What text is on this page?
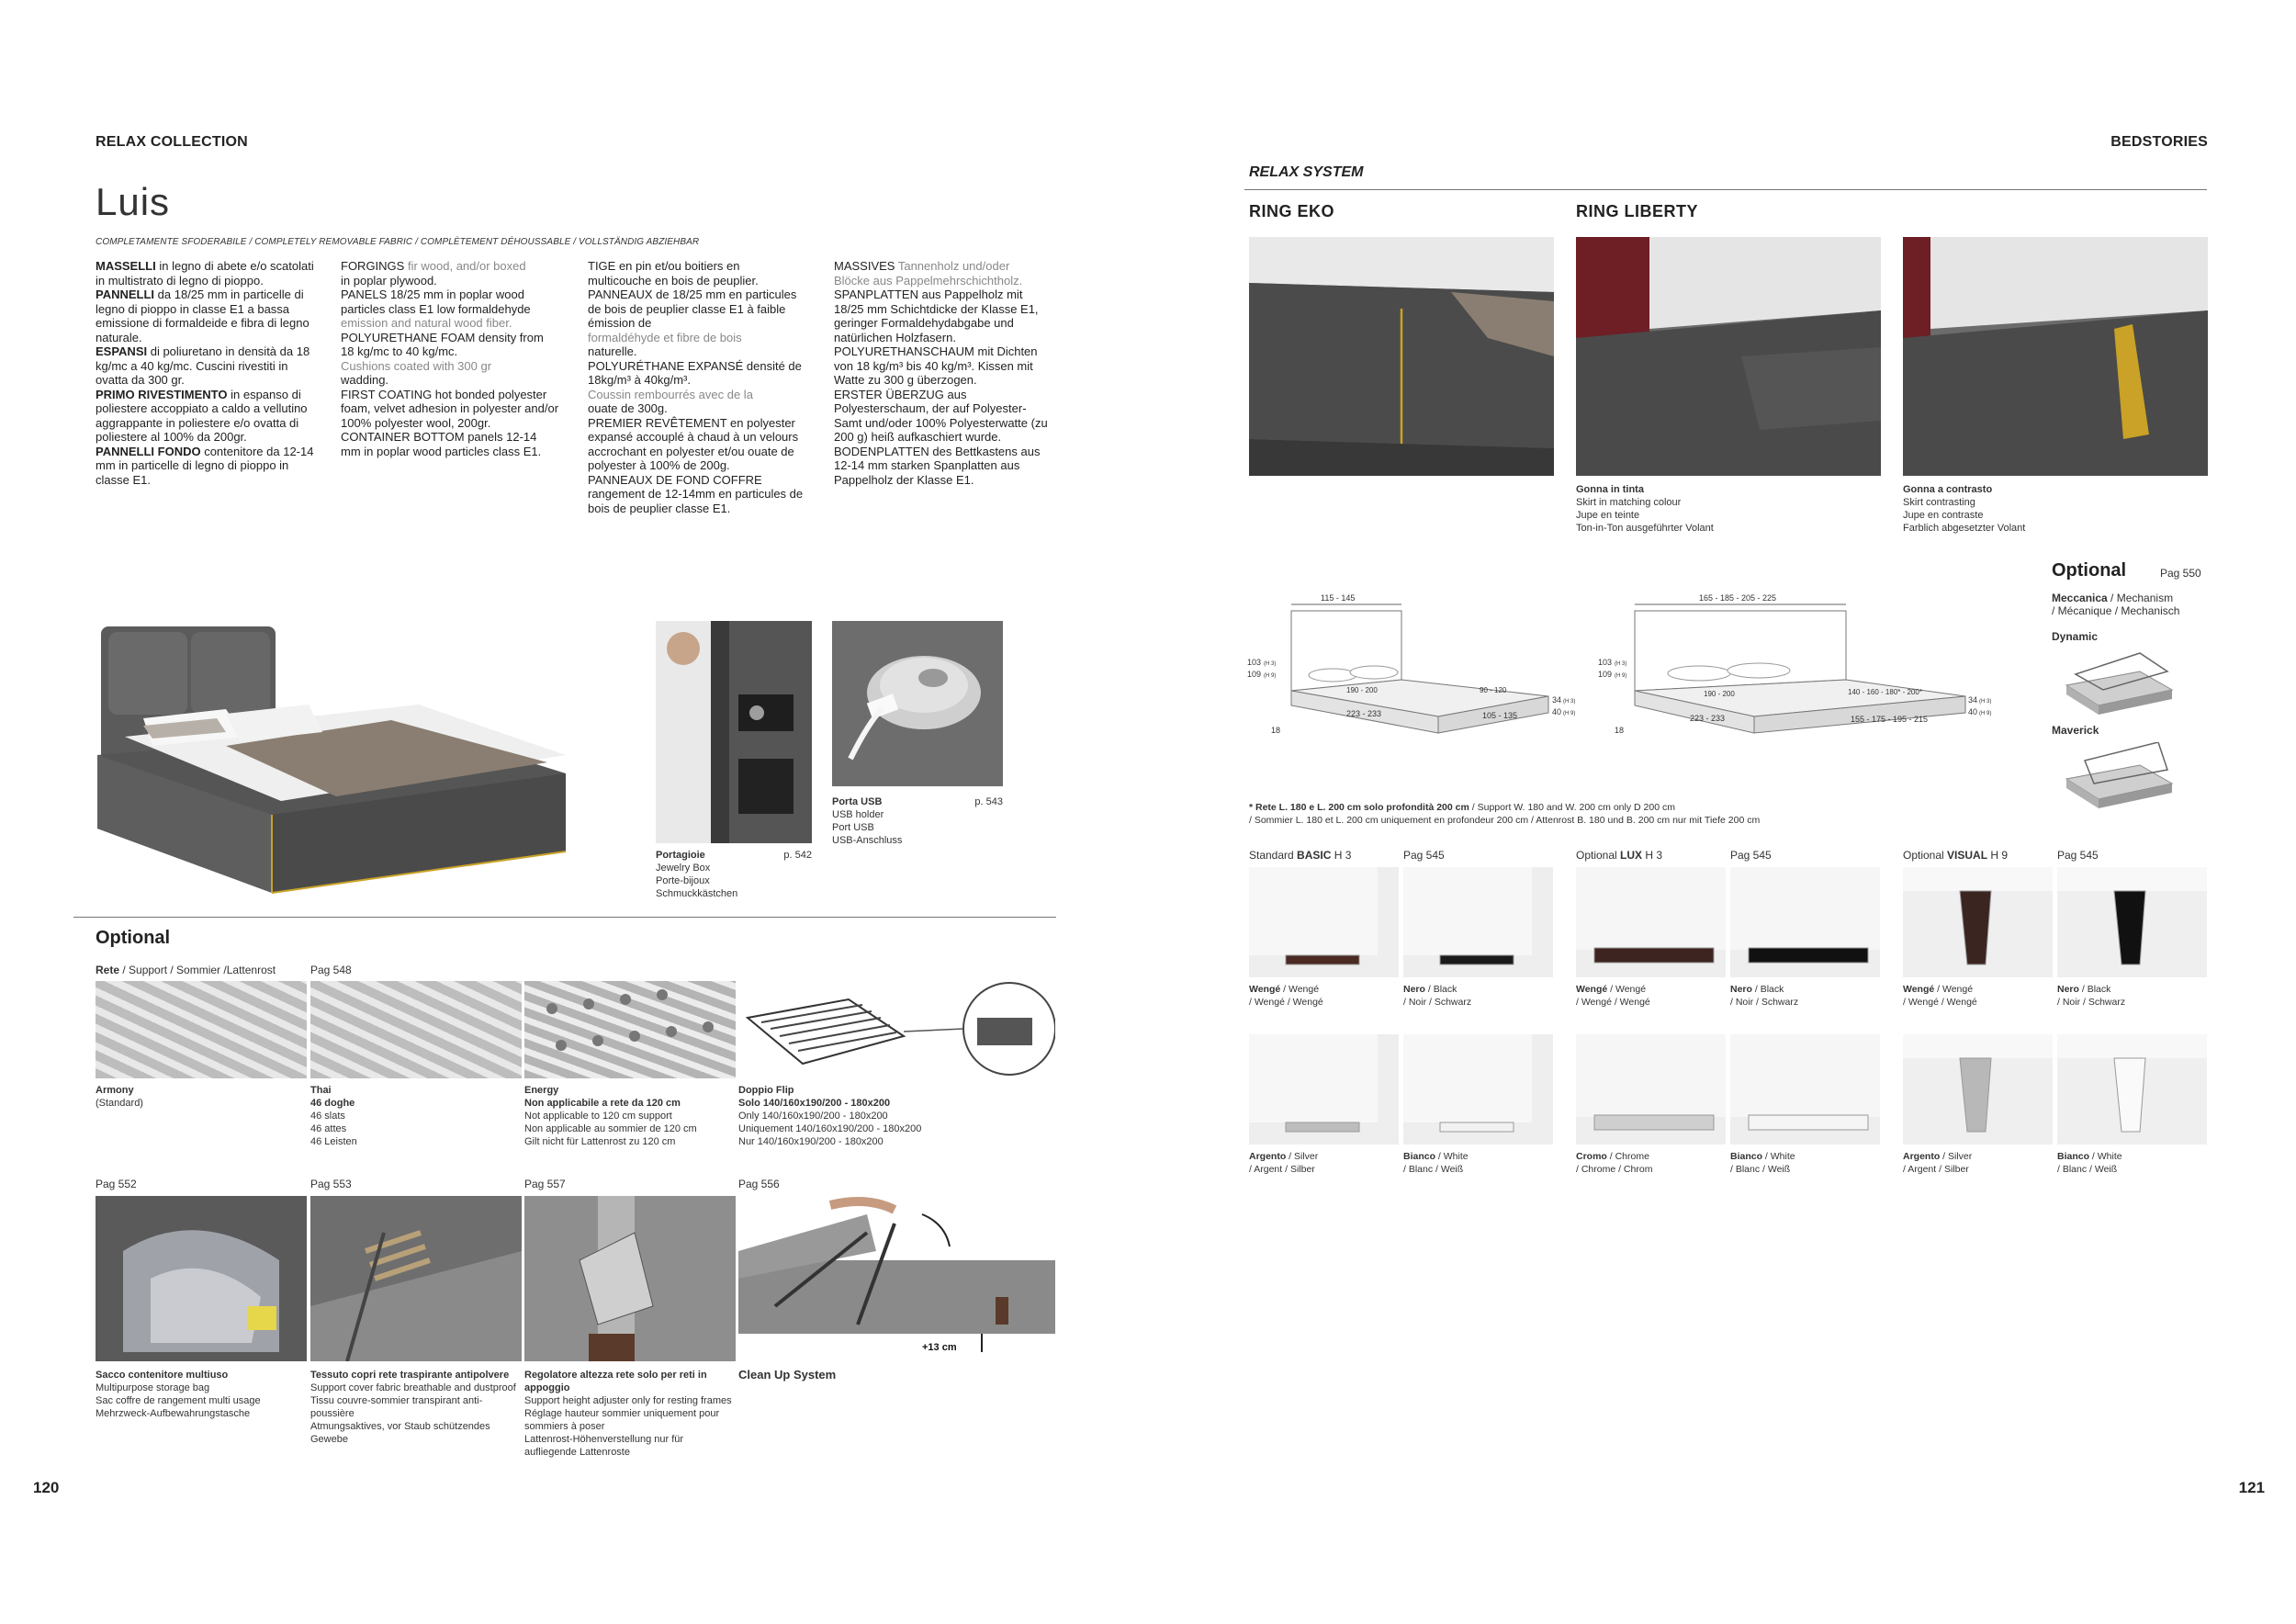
RELAX COLLECTION
Luis
COMPLETAMENTE SFODERABILE / COMPLETELY REMOVABLE FABRIC / COMPLÈTEMENT DÉHOUSSABLE / VOLLSTÄNDIG ABZIEHBAR
MASSELLI in legno di abete e/o scatolati in multistrato di legno di pioppo.
PANNELLI da 18/25 mm in particelle di legno di pioppo in classe E1 a bassa emissione di formaldeide e fibra di legno naturale.
ESPANSI di poliuretano in densità da 18 kg/mc a 40 kg/mc. Cuscini rivestiti in ovatta da 300 gr.
PRIMO RIVESTIMENTO in espanso di poliestere accoppiato a caldo a vellutino aggrappante in poliestere e/o ovatta di poliestere al 100% da 200gr.
PANNELLI FONDO contenitore da 12-14 mm in particelle di legno di pioppo in classe E1.
FORGINGS fir wood, and/or boxed
in poplar plywood.
PANELS 18/25 mm in poplar wood particles class E1 low formaldehyde
emission and natural wood fiber.
POLYURETHANE FOAM density from 18 kg/mc to 40 kg/mc.
Cushions coated with 300 gr
wadding.
FIRST COATING hot bonded polyester foam, velvet adhesion in polyester and/or 100% polyester wool, 200gr.
CONTAINER BOTTOM panels 12-14 mm in poplar wood particles class E1.
TIGE en pin et/ou boitiers en multicouche en bois de peuplier.
PANNEAUX de 18/25 mm en particules de bois de peuplier classe E1 à faible émission de
formaldéhyde et fibre de bois
naturelle.
POLYURÉTHANE EXPANSÉ densité de 18kg/m³ à 40kg/m³.
Coussin rembourrés avec de la
ouate de 300g.
PREMIER REVÊTEMENT en polyester expansé accouplé à chaud à un velours accrochant en polyester et/ou ouate de polyester à 100% de 200g.
PANNEAUX DE FOND COFFRE rangement de 12-14mm en particules de bois de peuplier classe E1.
MASSIVES Tannenholz und/oder
Blöcke aus Pappelmehrschichtholz.
SPANPLATTEN aus Pappelholz mit 18/25 mm Schichtdicke der Klasse E1, geringer Formaldehydabgabe und natürlichen Holzfasern.
POLYURETHANSCHAUM mit Dichten von 18 kg/m³ bis 40 kg/m³. Kissen mit Watte zu 300 g überzogen.
ERSTER ÜBERZUG aus Polyesterschaum, der auf Polyester-Samt und/oder 100% Polyesterwatte (zu 200 g) heiß aufkaschiert wurde.
BODENPLATTEN des Bettkastens aus 12-14 mm starken Spanplatten aus Pappelholz der Klasse E1.
Portagioie	p. 542
Jewelry Box
Porte-bijoux
Schmuckkästchen
Porta USB	p. 543
USB holder
Port USB
USB-Anschluss
Optional
Rete / Support / Sommier /Lattenrost	Pag 548
Armony
(Standard)
Thai
46 doghe
46 slats
46 attes
46 Leisten
Energy
Non applicabile a rete da 120 cm
Not applicable to 120 cm support
Non applicable au sommier de 120 cm
Gilt nicht für Lattenrost zu 120 cm
Doppio Flip
Solo 140/160x190/200 - 180x200
Only 140/160x190/200 - 180x200
Uniquement 140/160x190/200 - 180x200
Nur 140/160x190/200 - 180x200
Pag 552	Pag 553	Pag 557	Pag 556
+13 cm
Sacco contenitore multiuso
Multipurpose storage bag
Sac coffre de rangement multi usage
Mehrzweck-Aufbewahrungstasche
Tessuto copri rete traspirante antipolvere
Support cover fabric breathable and dustproof
Tissu couvre-sommier transpirant anti-
poussière
Atmungsaktives, vor Staub schützendes
Gewebe
Regolatore altezza rete solo per reti in
appoggio
Support height adjuster only for resting frames
Réglage hauteur sommier uniquement pour
sommiers à poser
Lattenrost-Höhenverstellung nur für
aufliegende Lattenroste
Clean Up System
120
BEDSTORIES
RELAX SYSTEM
RING EKO	RING LIBERTY
Gonna in tinta
Skirt in matching colour
Jupe en teinte
Ton-in-Ton ausgeführter Volant
Gonna a contrasto
Skirt contrasting
Jupe en contraste
Farblich abgesetzter Volant
Optional	Pag 550
Meccanica / Mechanism
/ Mécanique / Mechanisch
Dynamic
Maverick
115 - 145
103 (H 3)
109 (H 9)
190 - 200	90 - 120
223 - 233	105 - 135
34 (H 3)
40 (H 9)
18
165 - 185 - 205 - 225
103 (H 3)
109 (H 9)
190 - 200	140 - 160 - 180* - 200*
223 - 233	155 - 175 - 195 - 215
34 (H 3)
40 (H 9)
18
* Rete L. 180 e L. 200 cm solo profondità 200 cm / Support W. 180 and W. 200 cm only D 200 cm
/ Sommier L. 180 et L. 200 cm uniquement en profondeur 200 cm / Attenrost B. 180 und B. 200 cm nur mit Tiefe 200 cm
Standard BASIC H 3	Pag 545
Wengé / Wengé
/ Wengé / Wengé
Nero / Black
/ Noir / Schwarz
Argento / Silver
/ Argent / Silber
Bianco / White
/ Blanc / Weiß
Optional LUX H 3	Pag 545
Wengé / Wengé
/ Wengé / Wengé
Nero / Black
/ Noir / Schwarz
Cromo / Chrome
/ Chrome / Chrom
Bianco / White
/ Blanc / Weiß
Optional VISUAL H 9	Pag 545
Wengé / Wengé
/ Wengé / Wengé
Nero / Black
/ Noir / Schwarz
Argento / Silver
/ Argent / Silber
Bianco / White
/ Blanc / Weiß
121
